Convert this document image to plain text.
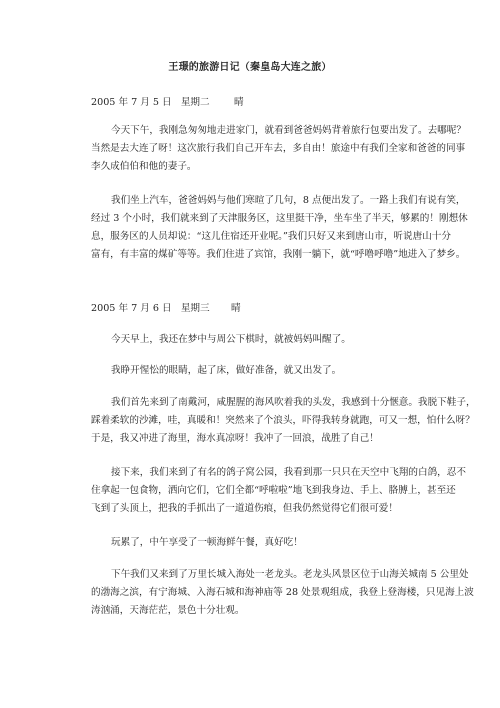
王璟的旅游日记（秦皇岛大连之旅）
2005 年 7 月 5 日 星期二	晴
今天下午，我刚急匆匆地走进家门，就看到爸爸妈妈背着旅行包要出发了。去哪呢？
当然是去大连了呀！这次旅行我们自己开车去，多自由！旅途中有我们全家和爸爸的同事
李久成伯伯和他的妻子。
我们坐上汽车，爸爸妈妈与他们寒暄了几句，8 点便出发了。一路上我们有说有笑，
经过 3 个小时，我们就来到了天津服务区，这里挺干净，坐车坐了半天，够累的！刚想休
息，服务区的人员却说：“这儿住宿还开业呢。”我们只好又来到唐山市，听说唐山十分
富有，有丰富的煤矿等等。我们住进了宾馆，我刚一躺下，就“呼噜呼噜”地进入了梦乡。
2005 年 7 月 6 日 星期三 晴
今天早上，我还在梦中与周公下棋时，就被妈妈叫醒了。
我睁开惺忪的眼睛，起了床，做好准备，就又出发了。
我们首先来到了南戴河，咸腥腥的海风吹着我的头发，我感到十分惬意。我脱下鞋子，
踩着柔软的沙滩，哇，真暖和！突然来了个浪头，吓得我转身就跑，可又一想，怕什么呀？
于是，我又冲进了海里，海水真凉呀！我冲了一回浪，战胜了自己！
接下来，我们来到了有名的鸽子窝公园，我看到那一只只在天空中飞翔的白鸽，忍不
住拿起一包食物，洒向它们，它们全都“呼啦啦”地飞到我身边、手上、胳膊上，甚至还
飞到了头顶上，把我的手抓出了一道道伤痕，但我仍然觉得它们很可爱！
玩累了，中午享受了一顿海鲜午餐，真好吃！
下午我们又来到了万里长城入海处一老龙头。老龙头风景区位于山海关城南 5 公里处
的渤海之滨，有宁海城、入海石城和海神庙等 28 处景观组成，我登上登海楼，只见海上波
涛汹涌，天海茫茫，景色十分壮观。
